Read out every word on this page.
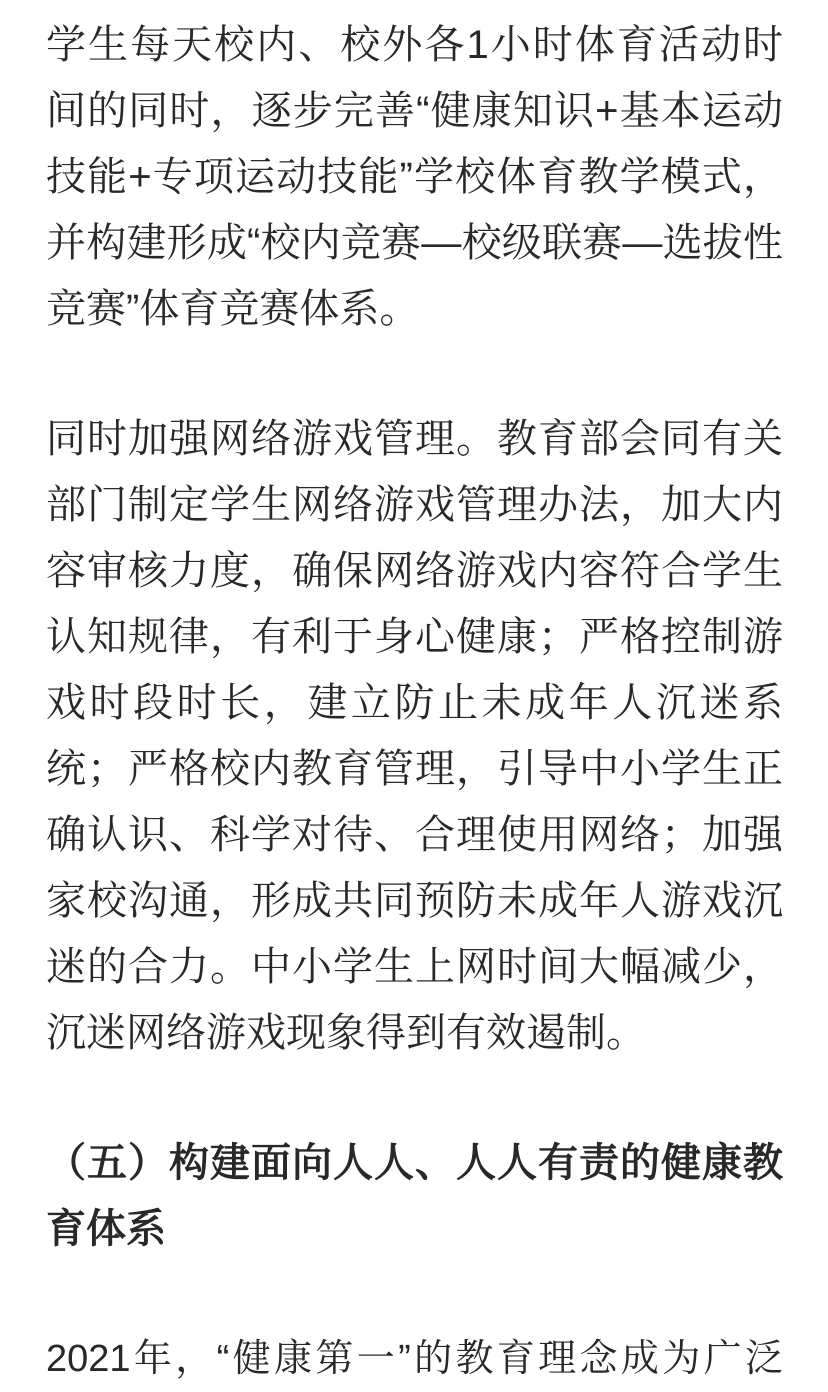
学生每天校内、校外各1小时体育活动时
间的同时，逐步完善“健康知识+基本运动
技能+专项运动技能”学校体育教学模式，
并构建形成“校内竞赛—校级联赛—选拔性
竞赛”体育竞赛体系。
同时加强网络游戏管理。教育部会同有关
部门制定学生网络游戏管理办法，加大内
容审核力度，确保网络游戏内容符合学生
认知规律，有利于身心健康；严格控制游
戏时段时长，建立防止未成年人沉迷系
统；严格校内教育管理，引导中小学生正
确认识、科学对待、合理使用网络；加强
家校沟通，形成共同预防未成年人游戏沉
迷的合力。中小学生上网时间大幅减少，
沉迷网络游戏现象得到有效遏制。
（五）构建面向人人、人人有责的健康教
育体系
2021年，“健康第一”的教育理念成为广泛
